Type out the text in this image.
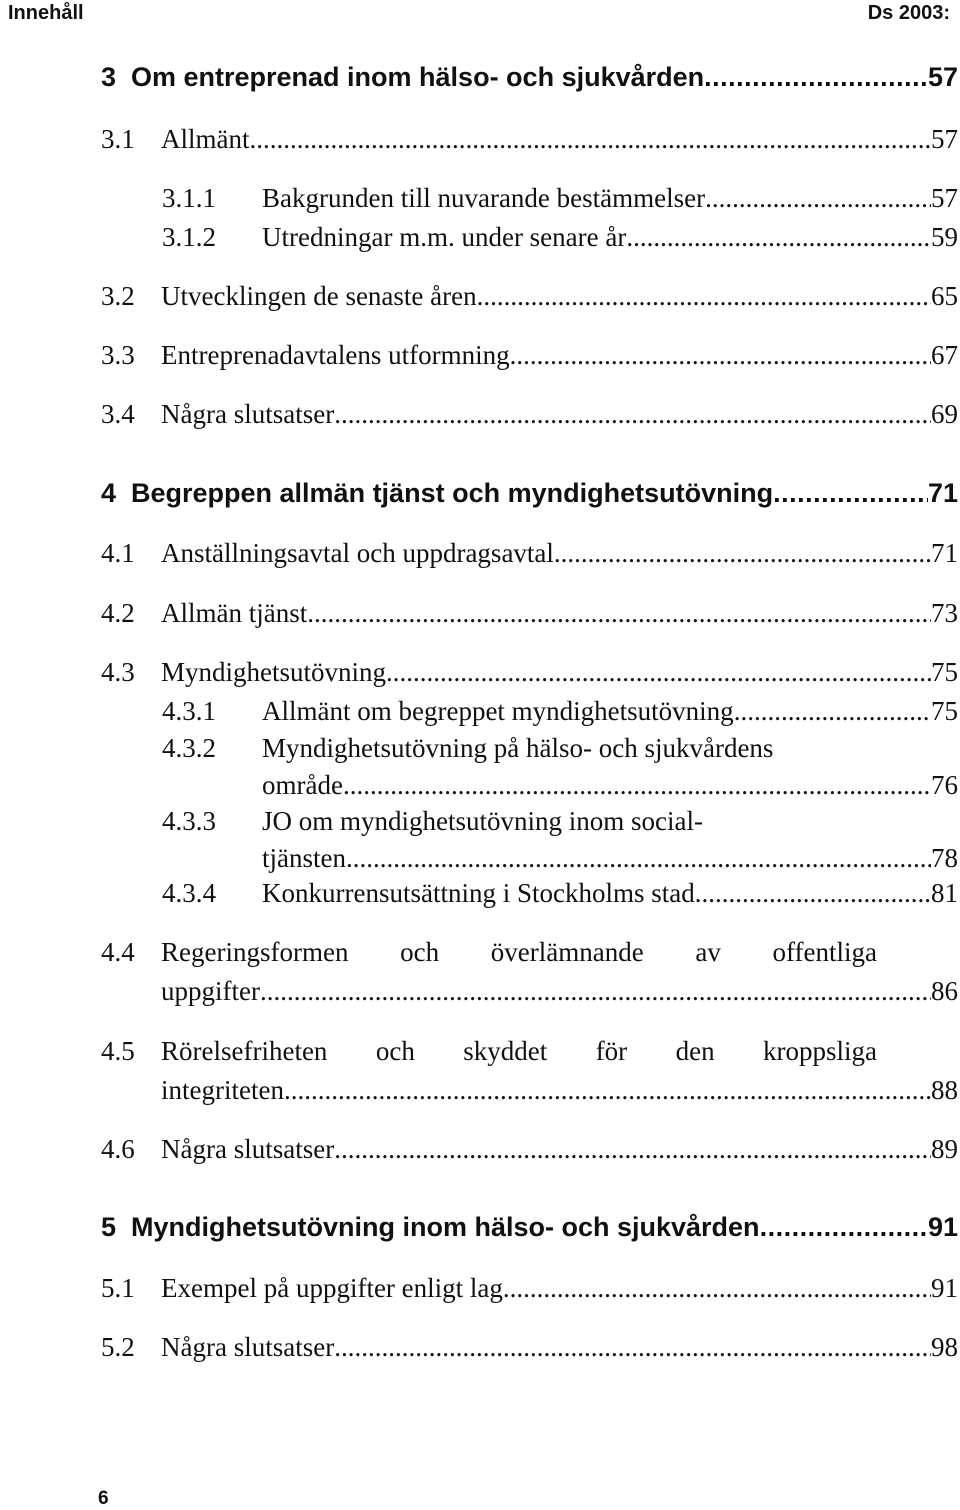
Innehåll	Ds 2003:
3 Om entreprenad inom hälso- och sjukvården .....	57
3.1 Allmänt .....	57
3.1.1	Bakgrunden till nuvarande bestämmelser .....	57
3.1.2	Utredningar m.m. under senare år .....	59
3.2 Utvecklingen de senaste åren .....	65
3.3 Entreprenadavtalens utformning .....	67
3.4 Några slutsatser .....	69
4 Begreppen allmän tjänst och myndighetsutövning .....	71
4.1 Anställningsavtal och uppdragsavtal .....	71
4.2 Allmän tjänst .....	73
4.3 Myndighetsutövning .....	75
4.3.1	Allmänt om begreppet myndighetsutövning .....	75
4.3.2 Myndighetsutövning på hälso- och sjukvårdens
område .....	76
4.3.3 JO om myndighetsutövning inom social-
tjänsten .....	78
4.3.4	Konkurrensutsättning i Stockholms stad .....	81
4.4 Regeringsformen och överlämnande av offentliga
uppgifter .....	86
4.5 Rörelsefriheten och skyddet för den kroppsliga
integriteten .....	88
4.6 Några slutsatser .....	89
5 Myndighetsutövning inom hälso- och sjukvården .....	91
5.1 Exempel på uppgifter enligt lag .....	91
5.2 Några slutsatser .....	98
6
